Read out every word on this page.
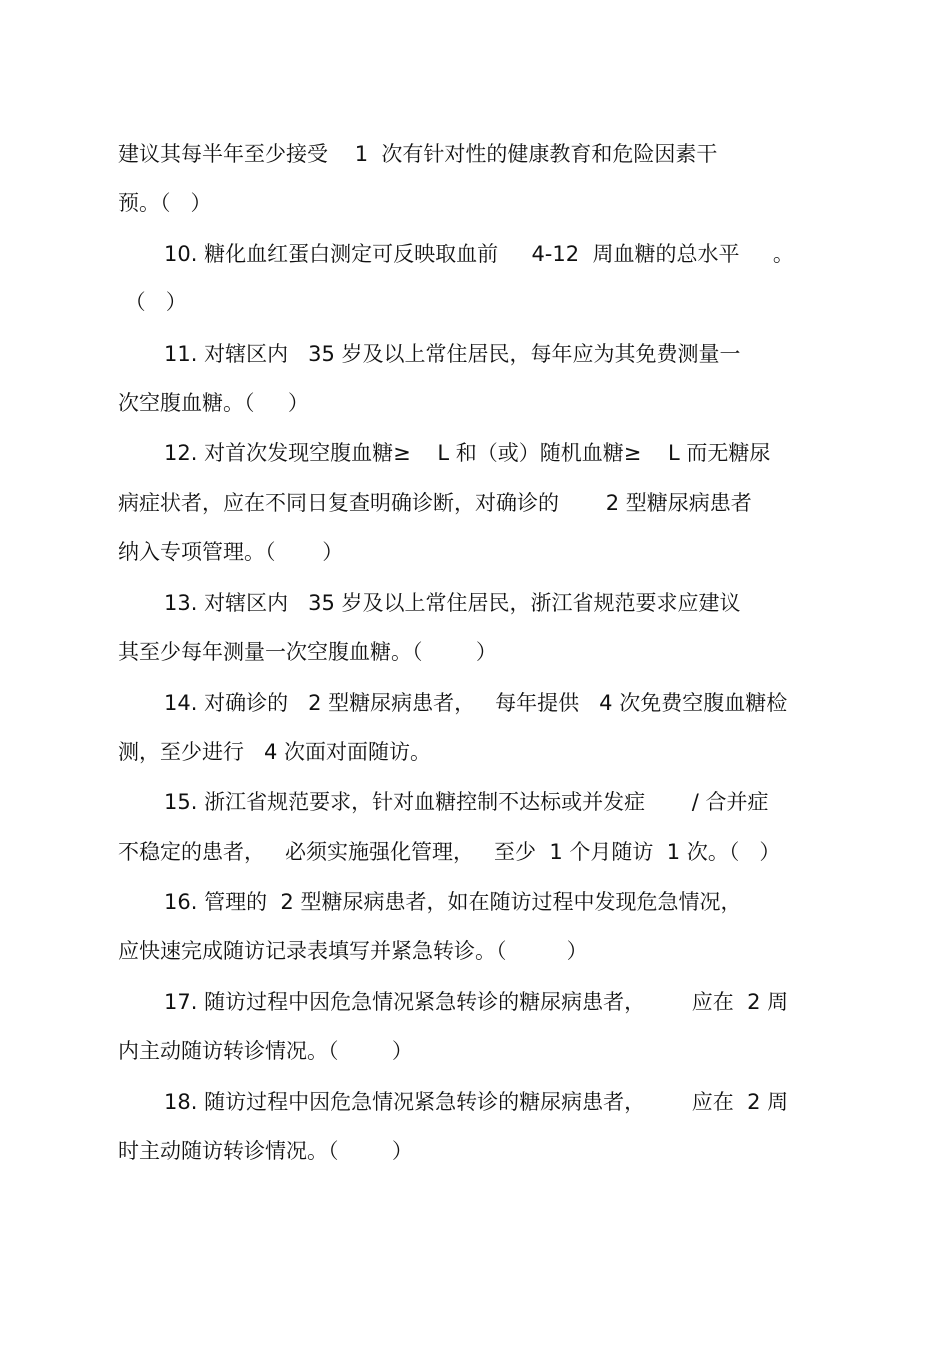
建议其每半年至少接受    1  次有针对性的健康教育和危险因素干
预。（   ）
10. 糖化血红蛋白测定可反映取血前     4-12  周血糖的总水平     。
（   ）
11. 对辖区内   35 岁及以上常住居民，每年应为其免费测量一
次空腹血糖。（     ）
12. 对首次发现空腹血糖≥    L 和（或）随机血糖≥    L 而无糖尿
病症状者，应在不同日复查明确诊断，对确诊的       2 型糖尿病患者
纳入专项管理。（       ）
13. 对辖区内   35 岁及以上常住居民，浙江省规范要求应建议
其至少每年测量一次空腹血糖。（        ）
14. 对确诊的   2 型糖尿病患者，   每年提供   4 次免费空腹血糖检
测，至少进行   4 次面对面随访。
15. 浙江省规范要求，针对血糖控制不达标或并发症       / 合并症
不稳定的患者，   必须实施强化管理，   至少  1 个月随访  1 次。（   ）
16. 管理的  2 型糖尿病患者，如在随访过程中发现危急情况，
应快速完成随访记录表填写并紧急转诊。（         ）
17. 随访过程中因危急情况紧急转诊的糖尿病患者，       应在  2 周
内主动随访转诊情况。（        ）
18. 随访过程中因危急情况紧急转诊的糖尿病患者，       应在  2 周
时主动随访转诊情况。（        ）
